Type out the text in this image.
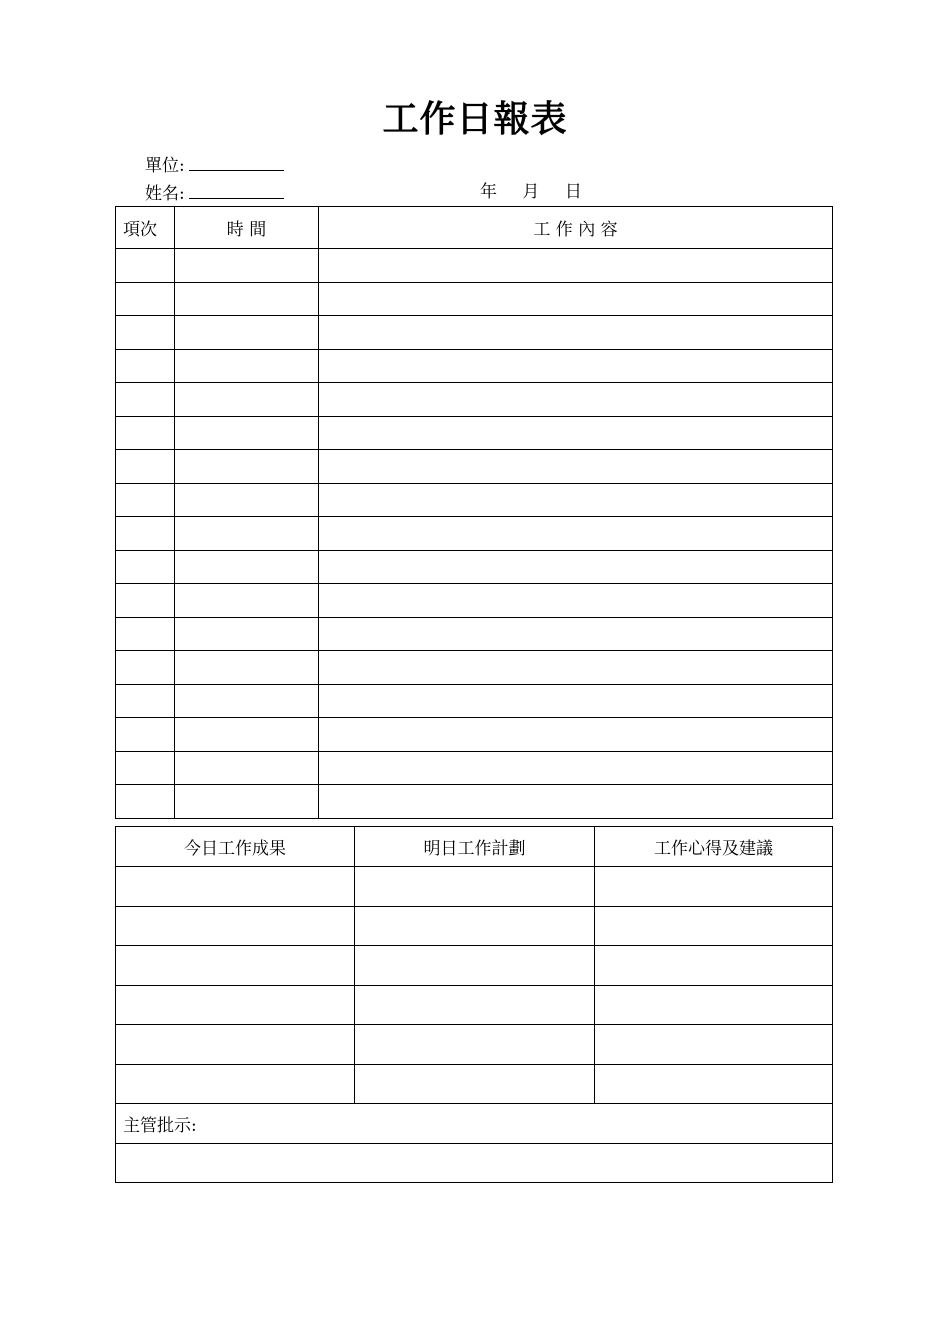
工作日報表
單位:
姓名:	年 月 日
項次	時 間	工 作 內 容

今日工作成果	明日工作計劃	工作心得及建議

主管批示:		
